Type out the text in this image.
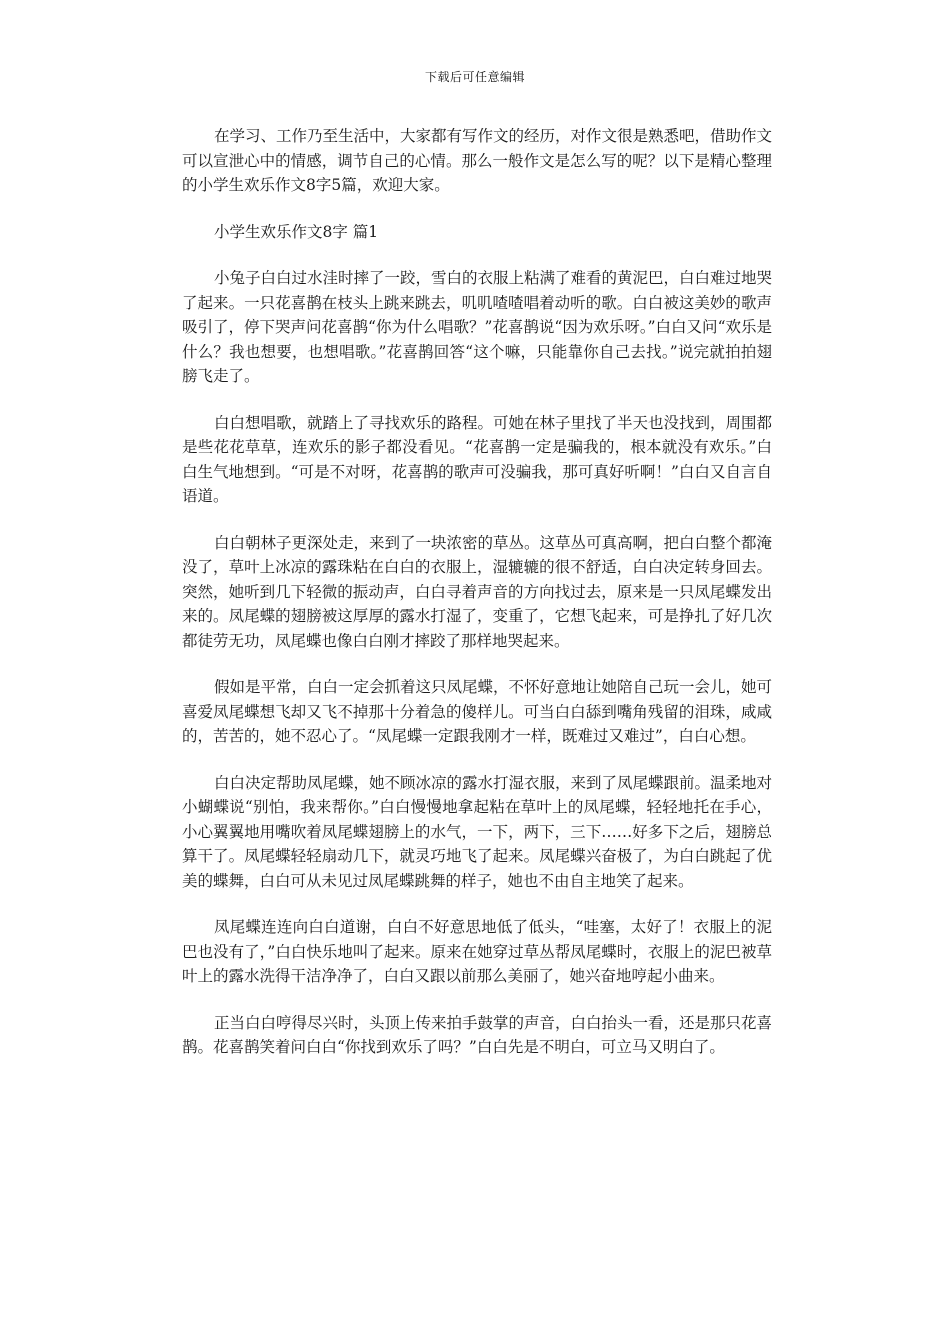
下载后可任意编辑

在学习、工作乃至生活中，大家都有写作文的经历，对作文很是熟悉吧，借助作文可以宣泄心中的情感，调节自己的心情。那么一般作文是怎么写的呢？以下是精心整理的小学生欢乐作文8字5篇，欢迎大家。

小学生欢乐作文8字 篇1

小兔子白白过水洼时摔了一跤，雪白的衣服上粘满了难看的黄泥巴，白白难过地哭了起来。一只花喜鹊在枝头上跳来跳去，叽叽喳喳唱着动听的歌。白白被这美妙的歌声吸引了，停下哭声问花喜鹊“你为什么唱歌？”花喜鹊说“因为欢乐呀。”白白又问“欢乐是什么？我也想要，也想唱歌。”花喜鹊回答“这个嘛，只能靠你自己去找。”说完就拍拍翅膀飞走了。

白白想唱歌，就踏上了寻找欢乐的路程。可她在林子里找了半天也没找到，周围都是些花花草草，连欢乐的影子都没看见。“花喜鹊一定是骗我的，根本就没有欢乐。”白白生气地想到。“可是不对呀，花喜鹊的歌声可没骗我，那可真好听啊！”白白又自言自语道。

白白朝林子更深处走，来到了一块浓密的草丛。这草丛可真高啊，把白白整个都淹没了，草叶上冰凉的露珠粘在白白的衣服上，湿辘辘的很不舒适，白白决定转身回去。突然，她听到几下轻微的振动声，白白寻着声音的方向找过去，原来是一只凤尾蝶发出来的。凤尾蝶的翅膀被这厚厚的露水打湿了，变重了，它想飞起来，可是挣扎了好几次都徒劳无功，凤尾蝶也像白白刚才摔跤了那样地哭起来。

假如是平常，白白一定会抓着这只凤尾蝶，不怀好意地让她陪自己玩一会儿，她可喜爱凤尾蝶想飞却又飞不掉那十分着急的傻样儿。可当白白舔到嘴角残留的泪珠，咸咸的，苦苦的，她不忍心了。“凤尾蝶一定跟我刚才一样，既难过又难过”，白白心想。

白白决定帮助凤尾蝶，她不顾冰凉的露水打湿衣服，来到了凤尾蝶跟前。温柔地对小蝴蝶说“别怕，我来帮你。”白白慢慢地拿起粘在草叶上的凤尾蝶，轻轻地托在手心，小心翼翼地用嘴吹着凤尾蝶翅膀上的水气，一下，两下，三下……好多下之后，翅膀总算干了。凤尾蝶轻轻扇动几下，就灵巧地飞了起来。凤尾蝶兴奋极了，为白白跳起了优美的蝶舞，白白可从未见过凤尾蝶跳舞的样子，她也不由自主地笑了起来。

凤尾蝶连连向白白道谢，白白不好意思地低了低头，“哇塞，太好了！衣服上的泥巴也没有了，”白白快乐地叫了起来。原来在她穿过草丛帮凤尾蝶时，衣服上的泥巴被草叶上的露水洗得干洁净净了，白白又跟以前那么美丽了，她兴奋地哼起小曲来。

正当白白哼得尽兴时，头顶上传来拍手鼓掌的声音，白白抬头一看，还是那只花喜鹊。花喜鹊笑着问白白“你找到欢乐了吗？”白白先是不明白，可立马又明白了。
